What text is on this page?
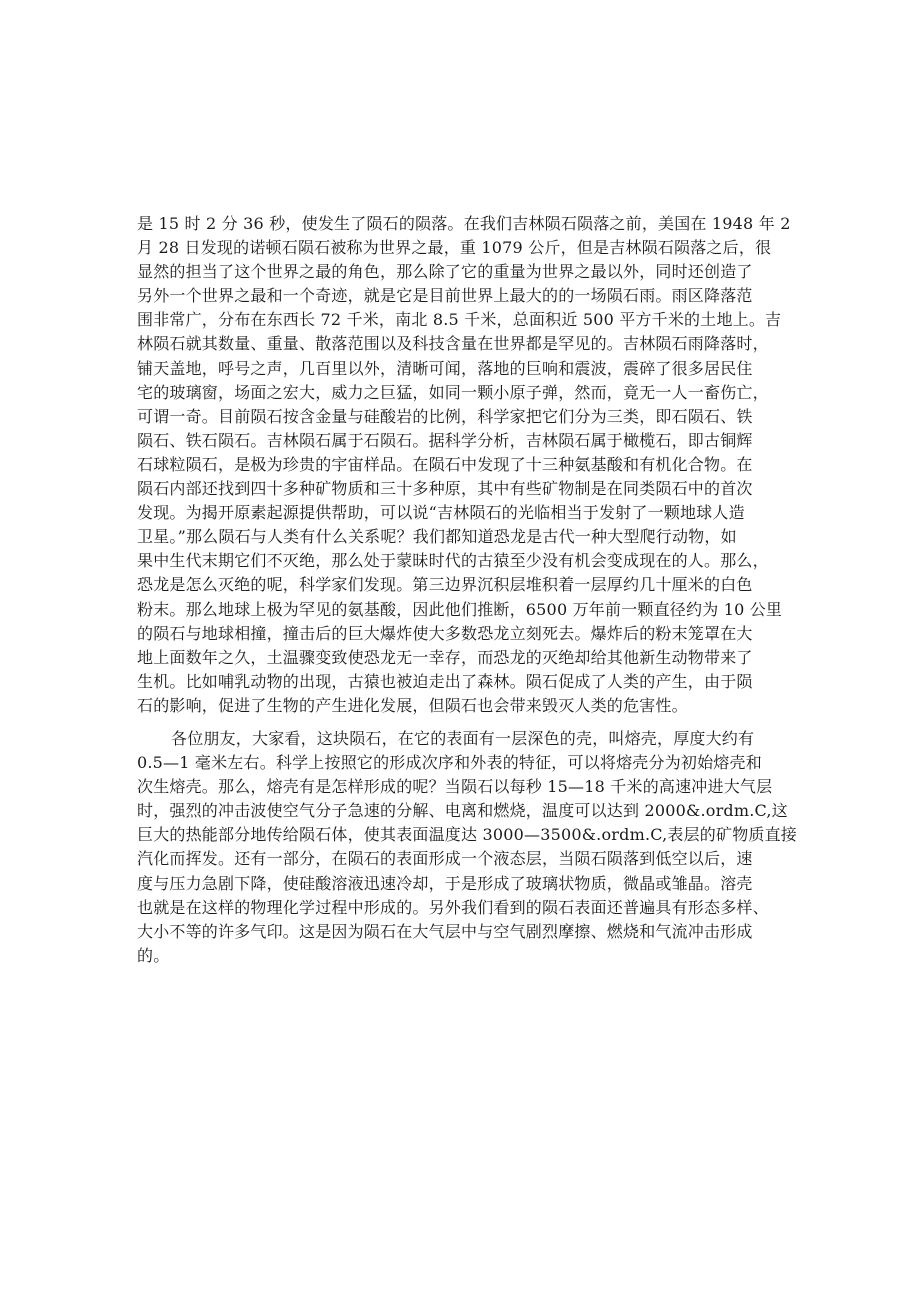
是 15 时 2 分 36 秒，使发生了陨石的陨落。在我们吉林陨石陨落之前，美国在 1948 年 2
月 28 日发现的诺顿石陨石被称为世界之最，重 1079 公斤，但是吉林陨石陨落之后，很
显然的担当了这个世界之最的角色，那么除了它的重量为世界之最以外，同时还创造了
另外一个世界之最和一个奇迹，就是它是目前世界上最大的的一场陨石雨。雨区降落范
围非常广，分布在东西长 72 千米，南北 8.5 千米，总面积近 500 平方千米的土地上。吉
林陨石就其数量、重量、散落范围以及科技含量在世界都是罕见的。吉林陨石雨降落时，
铺天盖地，呼号之声，几百里以外，清晰可闻，落地的巨响和震波，震碎了很多居民住
宅的玻璃窗，场面之宏大，威力之巨猛，如同一颗小原子弹，然而，竟无一人一畜伤亡，
可谓一奇。目前陨石按含金量与硅酸岩的比例，科学家把它们分为三类，即石陨石、铁
陨石、铁石陨石。吉林陨石属于石陨石。据科学分析，吉林陨石属于橄榄石，即古铜辉
石球粒陨石，是极为珍贵的宇宙样品。在陨石中发现了十三种氨基酸和有机化合物。在
陨石内部还找到四十多种矿物质和三十多种原，其中有些矿物制是在同类陨石中的首次
发现。为揭开原素起源提供帮助，可以说“吉林陨石的光临相当于发射了一颗地球人造
卫星。”那么陨石与人类有什么关系呢？我们都知道恐龙是古代一种大型爬行动物，如
果中生代末期它们不灭绝，那么处于蒙昧时代的古猿至少没有机会变成现在的人。那么，
恐龙是怎么灭绝的呢，科学家们发现。第三边界沉积层堆积着一层厚约几十厘米的白色
粉末。那么地球上极为罕见的氨基酸，因此他们推断，6500 万年前一颗直径约为 10 公里
的陨石与地球相撞，撞击后的巨大爆炸使大多数恐龙立刻死去。爆炸后的粉末笼罩在大
地上面数年之久，土温骤变致使恐龙无一幸存，而恐龙的灭绝却给其他新生动物带来了
生机。比如哺乳动物的出现，古猿也被迫走出了森林。陨石促成了人类的产生，由于陨
石的影响，促进了生物的产生进化发展，但陨石也会带来毁灭人类的危害性。
各位朋友，大家看，这块陨石，在它的表面有一层深色的壳，叫熔壳，厚度大约有
0.5—1 毫米左右。科学上按照它的形成次序和外表的特征，可以将熔壳分为初始熔壳和
次生熔壳。那么，熔壳有是怎样形成的呢？当陨石以每秒 15—18 千米的高速冲进大气层
时，强烈的冲击波使空气分子急速的分解、电离和燃烧，温度可以达到 2000&.ordm.C,这
巨大的热能部分地传给陨石体，使其表面温度达 3000—3500&.ordm.C,表层的矿物质直接
汽化而挥发。还有一部分，在陨石的表面形成一个液态层，当陨石陨落到低空以后，速
度与压力急剧下降，使硅酸溶液迅速冷却，于是形成了玻璃状物质，微晶或雏晶。溶壳
也就是在这样的物理化学过程中形成的。另外我们看到的陨石表面还普遍具有形态多样、
大小不等的许多气印。这是因为陨石在大气层中与空气剧烈摩擦、燃烧和气流冲击形成
的。
